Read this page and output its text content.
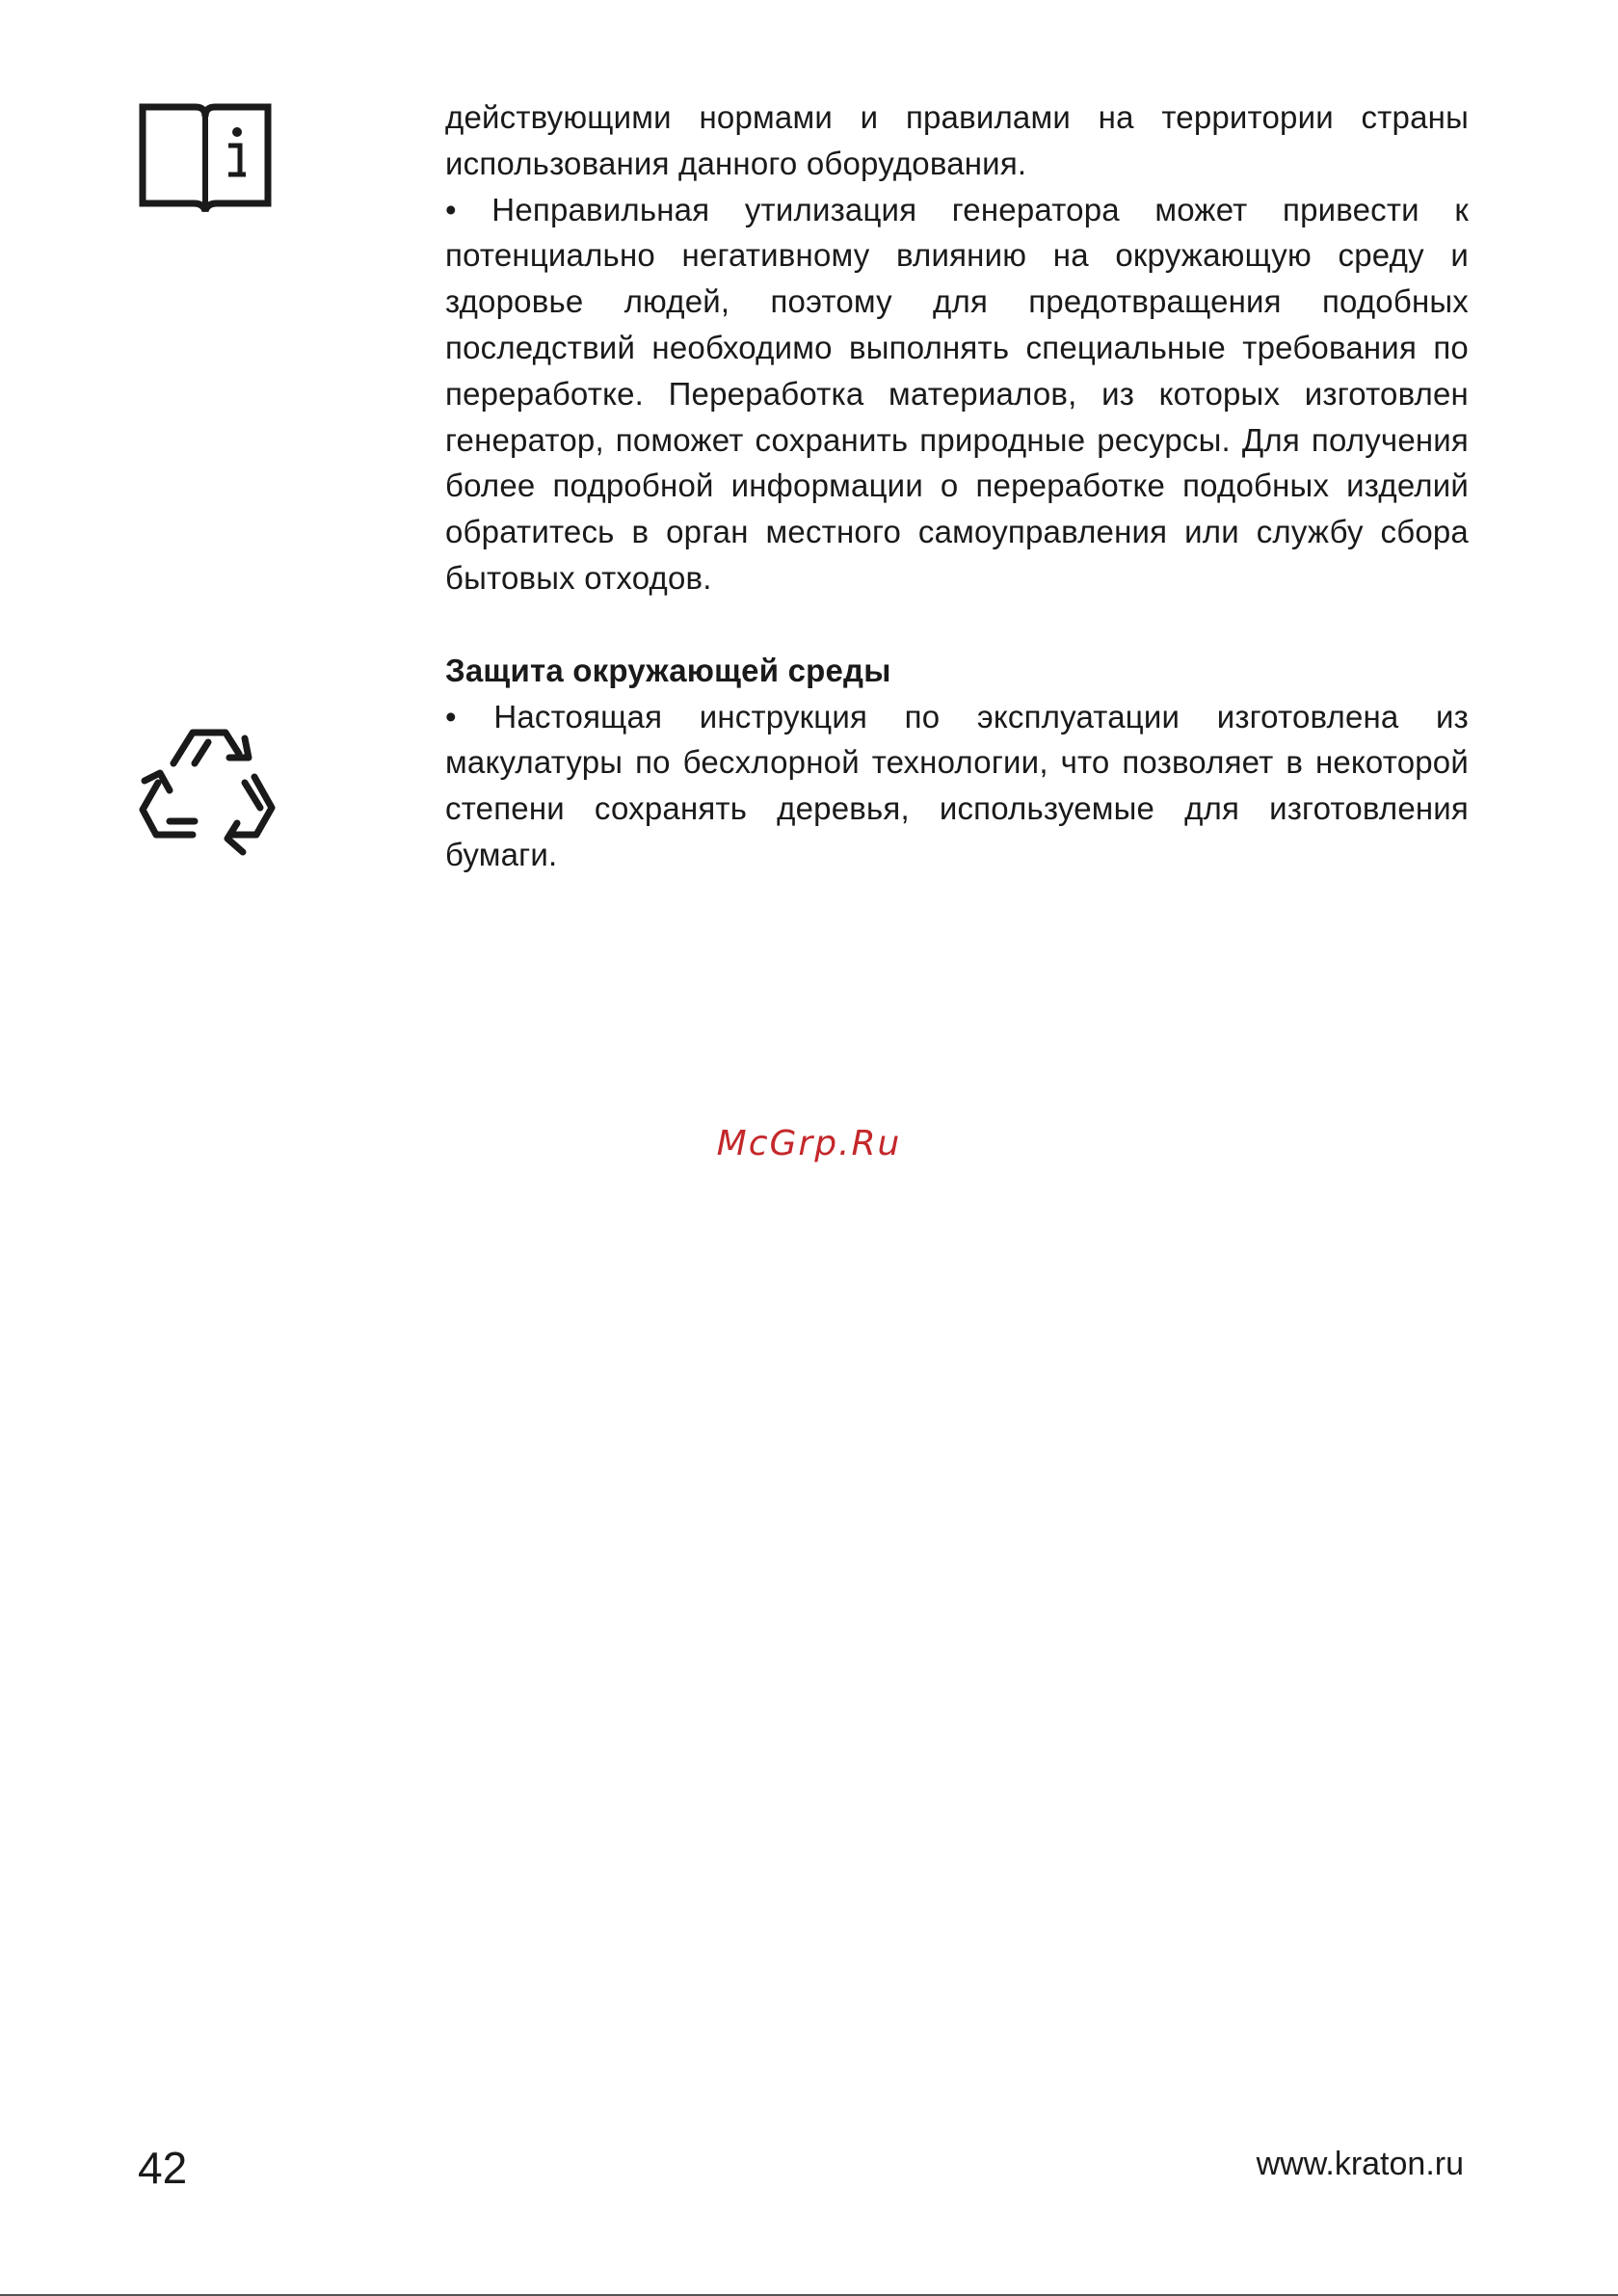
действующими нормами и правилами на территории страны использования данного оборудования.

• Неправильная утилизация генератора может привести к потенциально негативному влиянию на окружающую среду и здоровье людей, поэтому для предотвращения подобных последствий необходимо выполнять специальные требования по переработке. Переработка материалов, из которых изготовлен генератор, поможет сохранить природные ресурсы. Для получения более подробной информации о переработке подобных изделий обратитесь в орган местного самоуправления или службу сбора бытовых отходов.

Защита окружающей среды

• Настоящая инструкция по эксплуатации изготовлена из макулатуры по бесхлорной технологии, что позволяет в некоторой степени сохранять деревья, используемые для изготовления бумаги.

McGrp.Ru
42	www.kraton.ru
